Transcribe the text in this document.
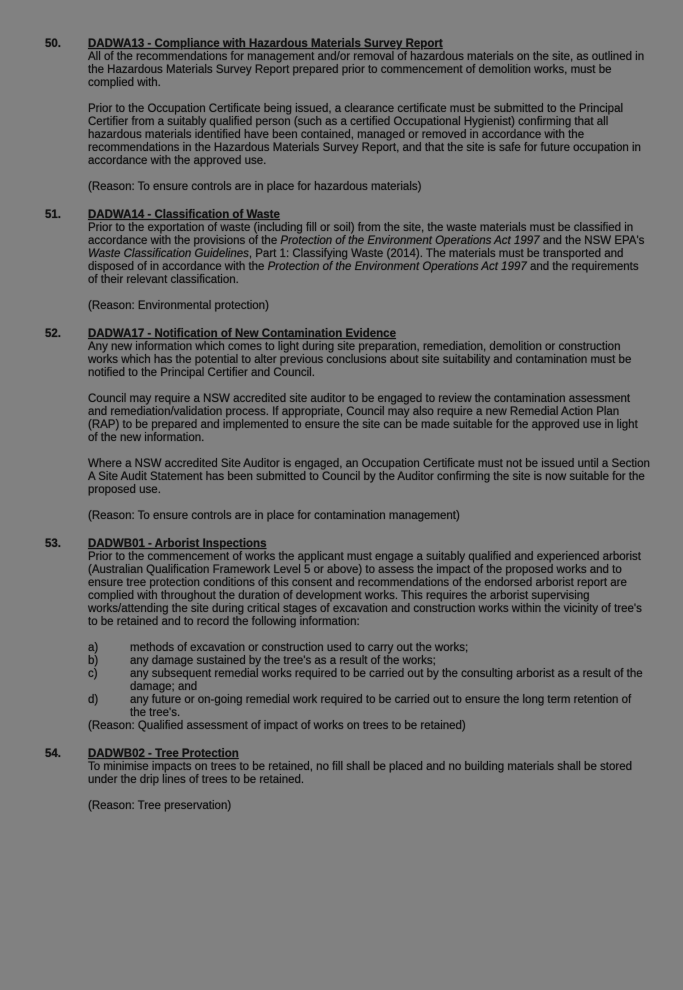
50.	DADWA13 - Compliance with Hazardous Materials Survey Report

All of the recommendations for management and/or removal of hazardous materials on the site, as outlined in the Hazardous Materials Survey Report prepared prior to commencement of demolition works, must be complied with.

Prior to the Occupation Certificate being issued, a clearance certificate must be submitted to the Principal Certifier from a suitably qualified person (such as a certified Occupational Hygienist) confirming that all hazardous materials identified have been contained, managed or removed in accordance with the recommendations in the Hazardous Materials Survey Report, and that the site is safe for future occupation in accordance with the approved use.

(Reason: To ensure controls are in place for hazardous materials)

51.	DADWA14 - Classification of Waste

Prior to the exportation of waste (including fill or soil) from the site, the waste materials must be classified in accordance with the provisions of the Protection of the Environment Operations Act 1997 and the NSW EPA's Waste Classification Guidelines, Part 1: Classifying Waste (2014). The materials must be transported and disposed of in accordance with the Protection of the Environment Operations Act 1997 and the requirements of their relevant classification.

(Reason: Environmental protection)

52.	DADWA17 - Notification of New Contamination Evidence

Any new information which comes to light during site preparation, remediation, demolition or construction works which has the potential to alter previous conclusions about site suitability and contamination must be notified to the Principal Certifier and Council.

Council may require a NSW accredited site auditor to be engaged to review the contamination assessment and remediation/validation process. If appropriate, Council may also require a new Remedial Action Plan (RAP) to be prepared and implemented to ensure the site can be made suitable for the approved use in light of the new information.

Where a NSW accredited Site Auditor is engaged, an Occupation Certificate must not be issued until a Section A Site Audit Statement has been submitted to Council by the Auditor confirming the site is now suitable for the proposed use.

(Reason: To ensure controls are in place for contamination management)

53.	DADWB01 - Arborist Inspections

Prior to the commencement of works the applicant must engage a suitably qualified and experienced arborist (Australian Qualification Framework Level 5 or above) to assess the impact of the proposed works and to ensure tree protection conditions of this consent and recommendations of the endorsed arborist report are complied with throughout the duration of development works. This requires the arborist supervising works/attending the site during critical stages of excavation and construction works within the vicinity of tree's to be retained and to record the following information:

a)	methods of excavation or construction used to carry out the works;
b)	any damage sustained by the tree's as a result of the works;
c)	any subsequent remedial works required to be carried out by the consulting arborist as a result of the damage; and
d)	any future or on-going remedial work required to be carried out to ensure the long term retention of the tree's.

(Reason: Qualified assessment of impact of works on trees to be retained)

54.	DADWB02 - Tree Protection

To minimise impacts on trees to be retained, no fill shall be placed and no building materials shall be stored under the drip lines of trees to be retained.

(Reason: Tree preservation)
